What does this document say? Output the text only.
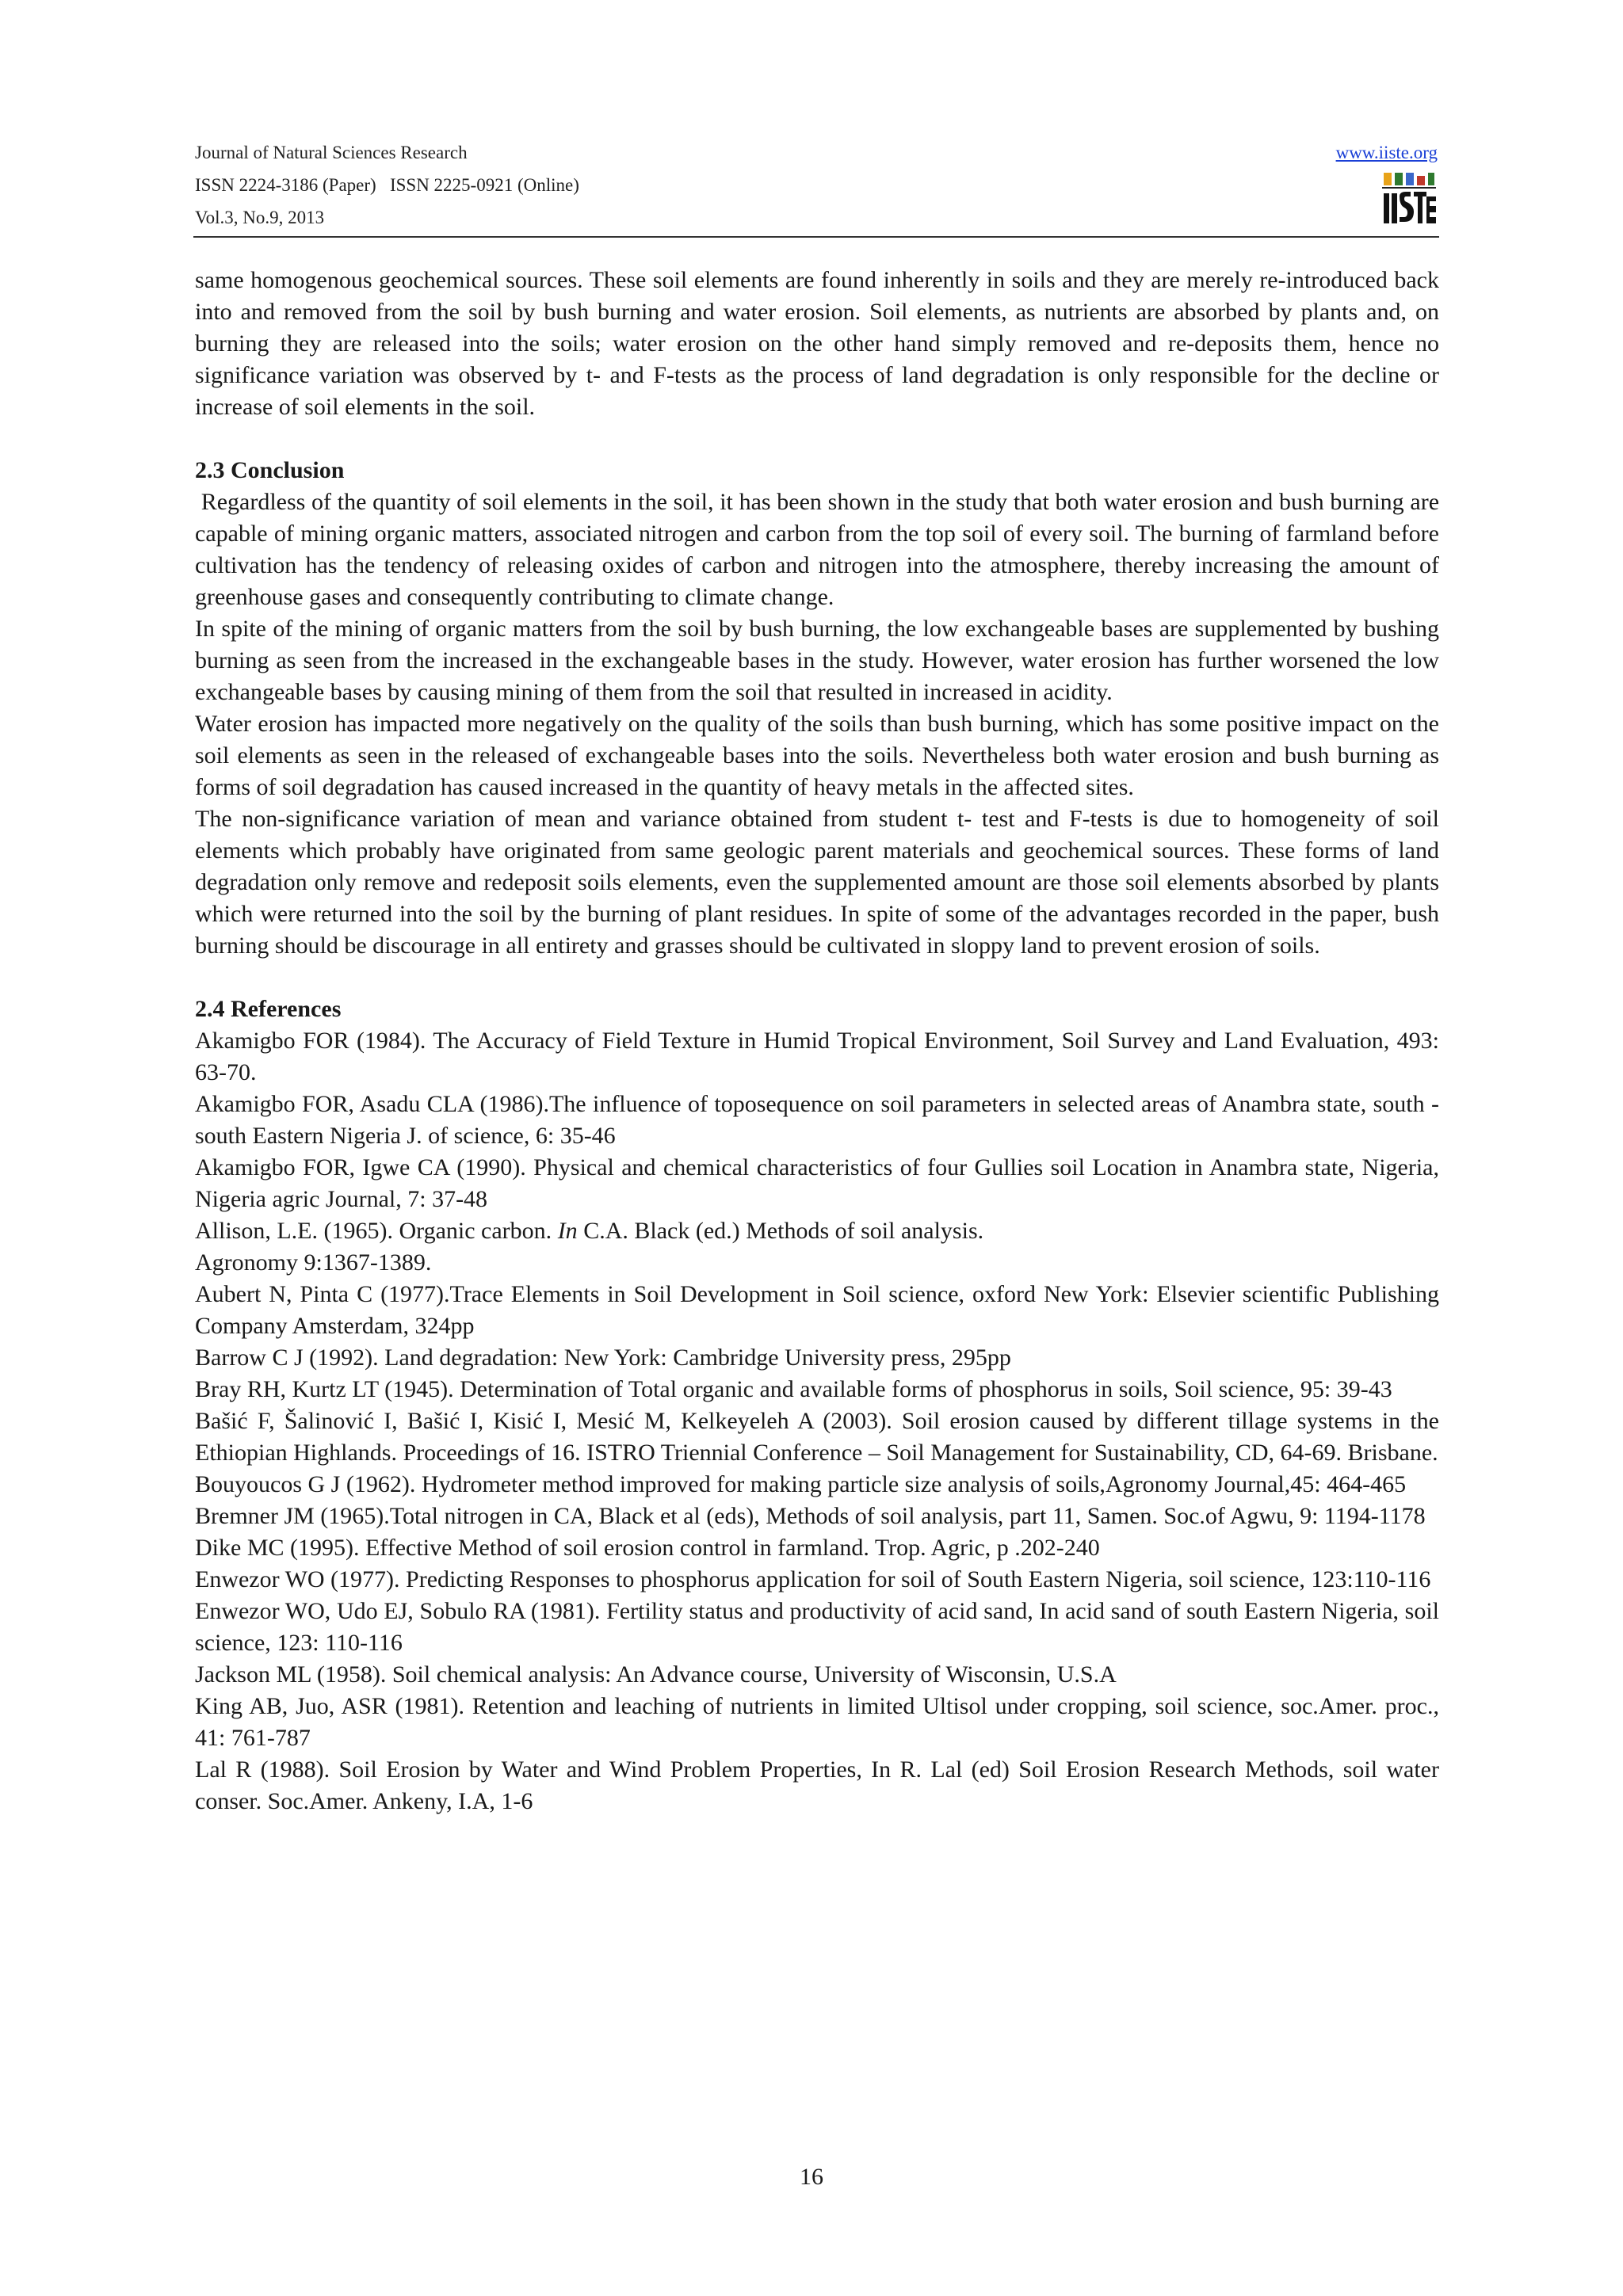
Journal of Natural Sciences Research
ISSN 2224-3186 (Paper)   ISSN 2225-0921 (Online)
Vol.3, No.9, 2013
www.iiste.org

same homogenous geochemical sources. These soil elements are found inherently in soils and they are merely re-introduced back into and removed from the soil by bush burning and water erosion. Soil elements, as nutrients are absorbed by plants and, on burning they are released into the soils; water erosion on the other hand simply removed and re-deposits them, hence no significance variation was observed by t- and F-tests as the process of land degradation is only responsible for the decline or increase of soil elements in the soil.

2.3 Conclusion

Regardless of the quantity of soil elements in the soil, it has been shown in the study that both water erosion and bush burning are capable of mining organic matters, associated nitrogen and carbon from the top soil of every soil. The burning of farmland before cultivation has the tendency of releasing oxides of carbon and nitrogen into the atmosphere, thereby increasing the amount of greenhouse gases and consequently contributing to climate change.

In spite of the mining of organic matters from the soil by bush burning, the low exchangeable bases are supplemented by bushing burning as seen from the increased in the exchangeable bases in the study. However, water erosion has further worsened the low exchangeable bases by causing mining of them from the soil that resulted in increased in acidity.

Water erosion has impacted more negatively on the quality of the soils than bush burning, which has some positive impact on the soil elements as seen in the released of exchangeable bases into the soils. Nevertheless both water erosion and bush burning as forms of soil degradation has caused increased in the quantity of heavy metals in the affected sites.

The non-significance variation of mean and variance obtained from student t- test and F-tests is due to homogeneity of soil elements which probably have originated from same geologic parent materials and geochemical sources. These forms of land degradation only remove and redeposit soils elements, even the supplemented amount are those soil elements absorbed by plants which were returned into the soil by the burning of plant residues. In spite of some of the advantages recorded in the paper, bush burning should be discourage in all entirety and grasses should be cultivated in sloppy land to prevent erosion of soils.

2.4 References

Akamigbo FOR (1984). The Accuracy of Field Texture in Humid Tropical Environment, Soil Survey and Land Evaluation, 493: 63-70.

Akamigbo FOR, Asadu CLA (1986).The influence of toposequence on soil parameters in selected areas of Anambra state, south -south Eastern Nigeria J. of science, 6: 35-46

Akamigbo FOR, Igwe CA (1990). Physical and chemical characteristics of four Gullies soil Location in Anambra state, Nigeria, Nigeria agric Journal, 7: 37-48

Allison, L.E. (1965). Organic carbon. In C.A. Black (ed.) Methods of soil analysis.

Agronomy 9:1367-1389.

Aubert N, Pinta C (1977).Trace Elements in Soil Development in Soil science, oxford New York: Elsevier scientific Publishing Company Amsterdam, 324pp

Barrow C J (1992). Land degradation: New York: Cambridge University press, 295pp

Bray RH, Kurtz LT (1945). Determination of Total organic and available forms of phosphorus in soils, Soil science, 95: 39-43

Bašić F, Šalinović I, Bašić I, Kisić I, Mesić M, Kelkeyeleh A (2003). Soil erosion caused by different tillage systems in the Ethiopian Highlands. Proceedings of 16. ISTRO Triennial Conference – Soil Management for Sustainability, CD, 64-69. Brisbane.

Bouyoucos G J (1962). Hydrometer method improved for making particle size analysis of soils,Agronomy Journal,45: 464-465

Bremner JM (1965).Total nitrogen in CA, Black et al (eds), Methods of soil analysis, part 11, Samen. Soc.of Agwu, 9: 1194-1178

Dike MC (1995). Effective Method of soil erosion control in farmland. Trop. Agric, p .202-240

Enwezor WO (1977). Predicting Responses to phosphorus application for soil of South Eastern Nigeria, soil science, 123:110-116

Enwezor WO, Udo EJ, Sobulo RA (1981). Fertility status and productivity of acid sand, In acid sand of south Eastern Nigeria, soil science, 123: 110-116

Jackson ML (1958). Soil chemical analysis: An Advance course, University of Wisconsin, U.S.A

King AB, Juo, ASR (1981). Retention and leaching of nutrients in limited Ultisol under cropping, soil science, soc.Amer. proc., 41: 761-787

Lal R (1988). Soil Erosion by Water and Wind Problem Properties, In R. Lal (ed) Soil Erosion Research Methods, soil water conser. Soc.Amer. Ankeny, I.A, 1-6

16
